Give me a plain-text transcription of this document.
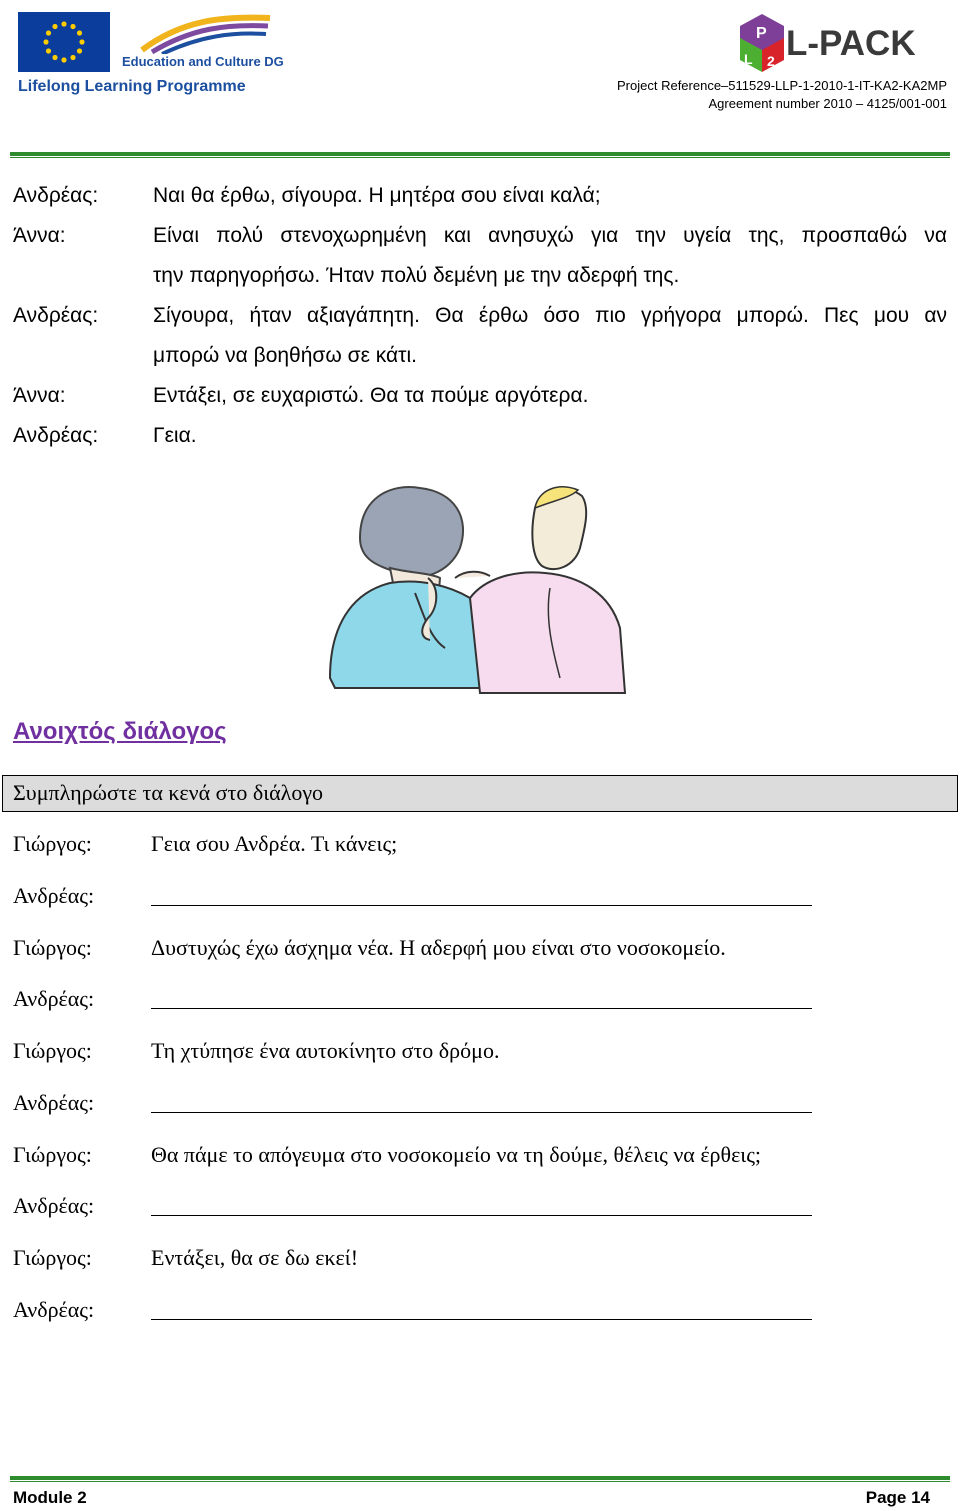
Education and Culture DG
Lifelong Learning Programme
P
L 2 L-PACK
Project Reference–511529-LLP-1-2010-1-IT-KA2-KA2MP
Agreement number 2010 – 4125/001-001
Ανδρέας:	Ναι θα έρθω, σίγουρα. Η μητέρα σου είναι καλά;
Άννα:	Είναι πολύ στενοχωρημένη και ανησυχώ για την υγεία της, προσπαθώ να
την παρηγορήσω. Ήταν πολύ δεμένη με την αδερφή της.
Ανδρέας:	Σίγουρα, ήταν αξιαγάπητη. Θα έρθω όσο πιο γρήγορα μπορώ. Πες μου αν
μπορώ να βοηθήσω σε κάτι.
Άννα:	Εντάξει, σε ευχαριστώ. Θα τα πούμε αργότερα.
Ανδρέας:	Γεια.
Ανοιχτός διάλογος
Συμπληρώστε τα κενά στο διάλογο
Γιώργος:	Γεια σου Ανδρέα. Τι κάνεις;
Ανδρέας:
Γιώργος:	Δυστυχώς έχω άσχημα νέα. Η αδερφή μου είναι στο νοσοκομείο.
Ανδρέας:
Γιώργος:	Τη χτύπησε ένα αυτοκίνητο στο δρόμο.
Ανδρέας:
Γιώργος:	Θα πάμε το απόγευμα στο νοσοκομείο να τη δούμε, θέλεις να έρθεις;
Ανδρέας:
Γιώργος:	Εντάξει, θα σε δω εκεί!
Ανδρέας:
Module 2	Page 14
